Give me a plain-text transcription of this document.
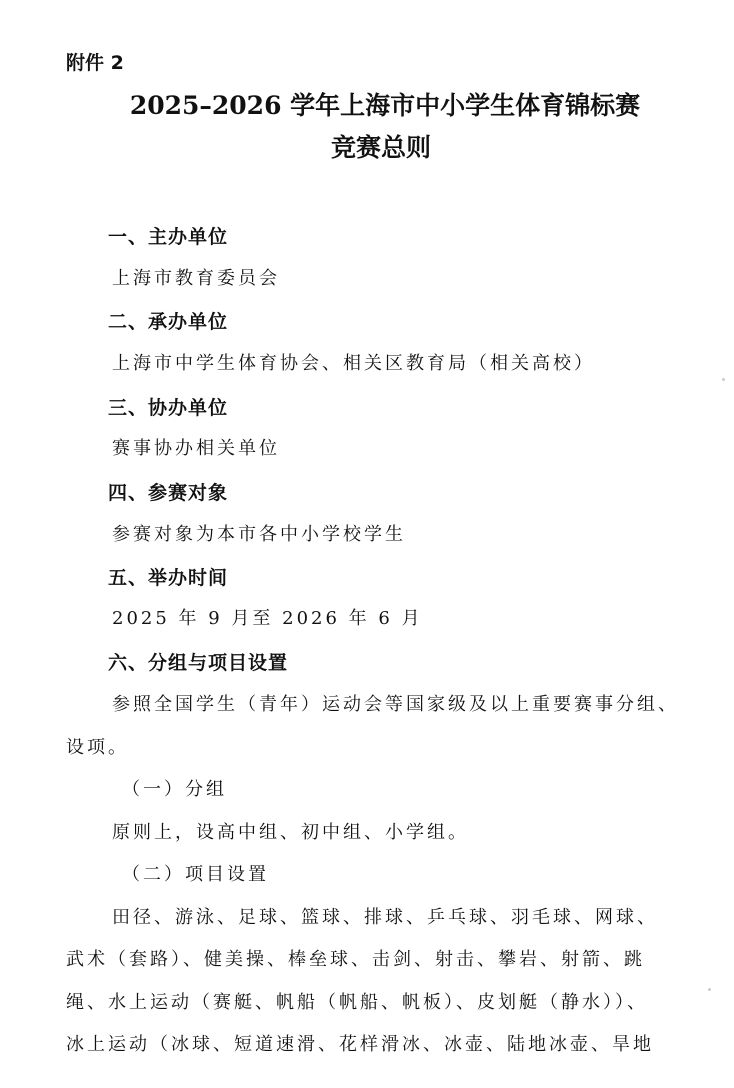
附件 2
2025–2026 学年上海市中小学生体育锦标赛
竞赛总则
一、主办单位
上海市教育委员会
二、承办单位
上海市中学生体育协会、相关区教育局（相关高校）
三、协办单位
赛事协办相关单位
四、参赛对象
参赛对象为本市各中小学校学生
五、举办时间
2025 年 9 月至 2026 年 6 月
六、分组与项目设置
参照全国学生（青年）运动会等国家级及以上重要赛事分组、
设项。
（一）分组
原则上，设高中组、初中组、小学组。
（二）项目设置
田径、游泳、足球、篮球、排球、乒乓球、羽毛球、网球、
武术（套路）、健美操、棒垒球、击剑、射击、攀岩、射箭、跳
绳、水上运动（赛艇、帆船（帆船、帆板）、皮划艇（静水））、
冰上运动（冰球、短道速滑、花样滑冰、冰壶、陆地冰壶、旱地
